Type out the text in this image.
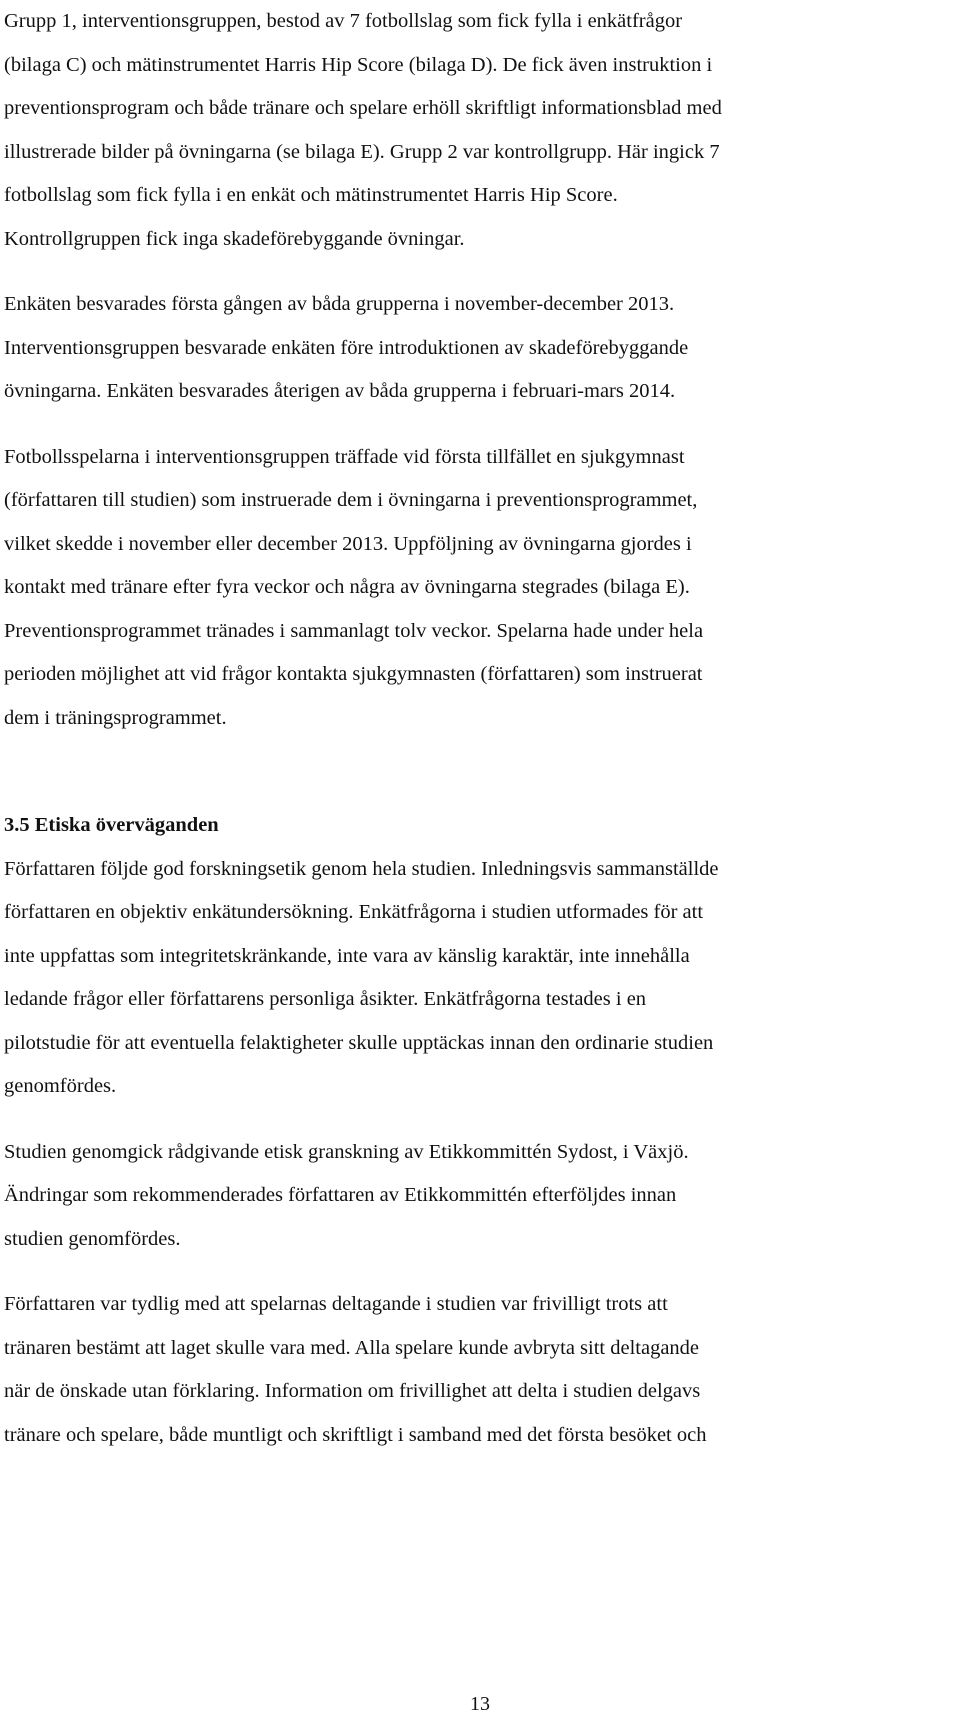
Grupp 1, interventionsgruppen, bestod av 7 fotbollslag som fick fylla i enkätfrågor
(bilaga C) och mätinstrumentet Harris Hip Score (bilaga D). De fick även instruktion i
preventionsprogram och både tränare och spelare erhöll skriftligt informationsblad med
illustrerade bilder på övningarna (se bilaga E). Grupp 2 var kontrollgrupp. Här ingick 7
fotbollslag som fick fylla i en enkät och mätinstrumentet Harris Hip Score.
Kontrollgruppen fick inga skadeförebyggande övningar.

Enkäten besvarades första gången av båda grupperna i november-december 2013.
Interventionsgruppen besvarade enkäten före introduktionen av skadeförebyggande
övningarna. Enkäten besvarades återigen av båda grupperna i februari-mars 2014.

Fotbollsspelarna i interventionsgruppen träffade vid första tillfället en sjukgymnast
(författaren till studien) som instruerade dem i övningarna i preventionsprogrammet,
vilket skedde i november eller december 2013. Uppföljning av övningarna gjordes i
kontakt med tränare efter fyra veckor och några av övningarna stegrades (bilaga E).
Preventionsprogrammet tränades i sammanlagt tolv veckor. Spelarna hade under hela
perioden möjlighet att vid frågor kontakta sjukgymnasten (författaren) som instruerat
dem i träningsprogrammet.

3.5 Etiska överväganden

Författaren följde god forskningsetik genom hela studien. Inledningsvis sammanställde
författaren en objektiv enkätundersökning. Enkätfrågorna i studien utformades för att
inte uppfattas som integritetskränkande, inte vara av känslig karaktär, inte innehålla
ledande frågor eller författarens personliga åsikter. Enkätfrågorna testades i en
pilotstudie för att eventuella felaktigheter skulle upptäckas innan den ordinarie studien
genomfördes.

Studien genomgick rådgivande etisk granskning av Etikkommittén Sydost, i Växjö.
Ändringar som rekommenderades författaren av Etikkommittén efterföljdes innan
studien genomfördes.

Författaren var tydlig med att spelarnas deltagande i studien var frivilligt trots att
tränaren bestämt att laget skulle vara med. Alla spelare kunde avbryta sitt deltagande
när de önskade utan förklaring. Information om frivillighet att delta i studien delgavs
tränare och spelare, både muntligt och skriftligt i samband med det första besöket och

13
